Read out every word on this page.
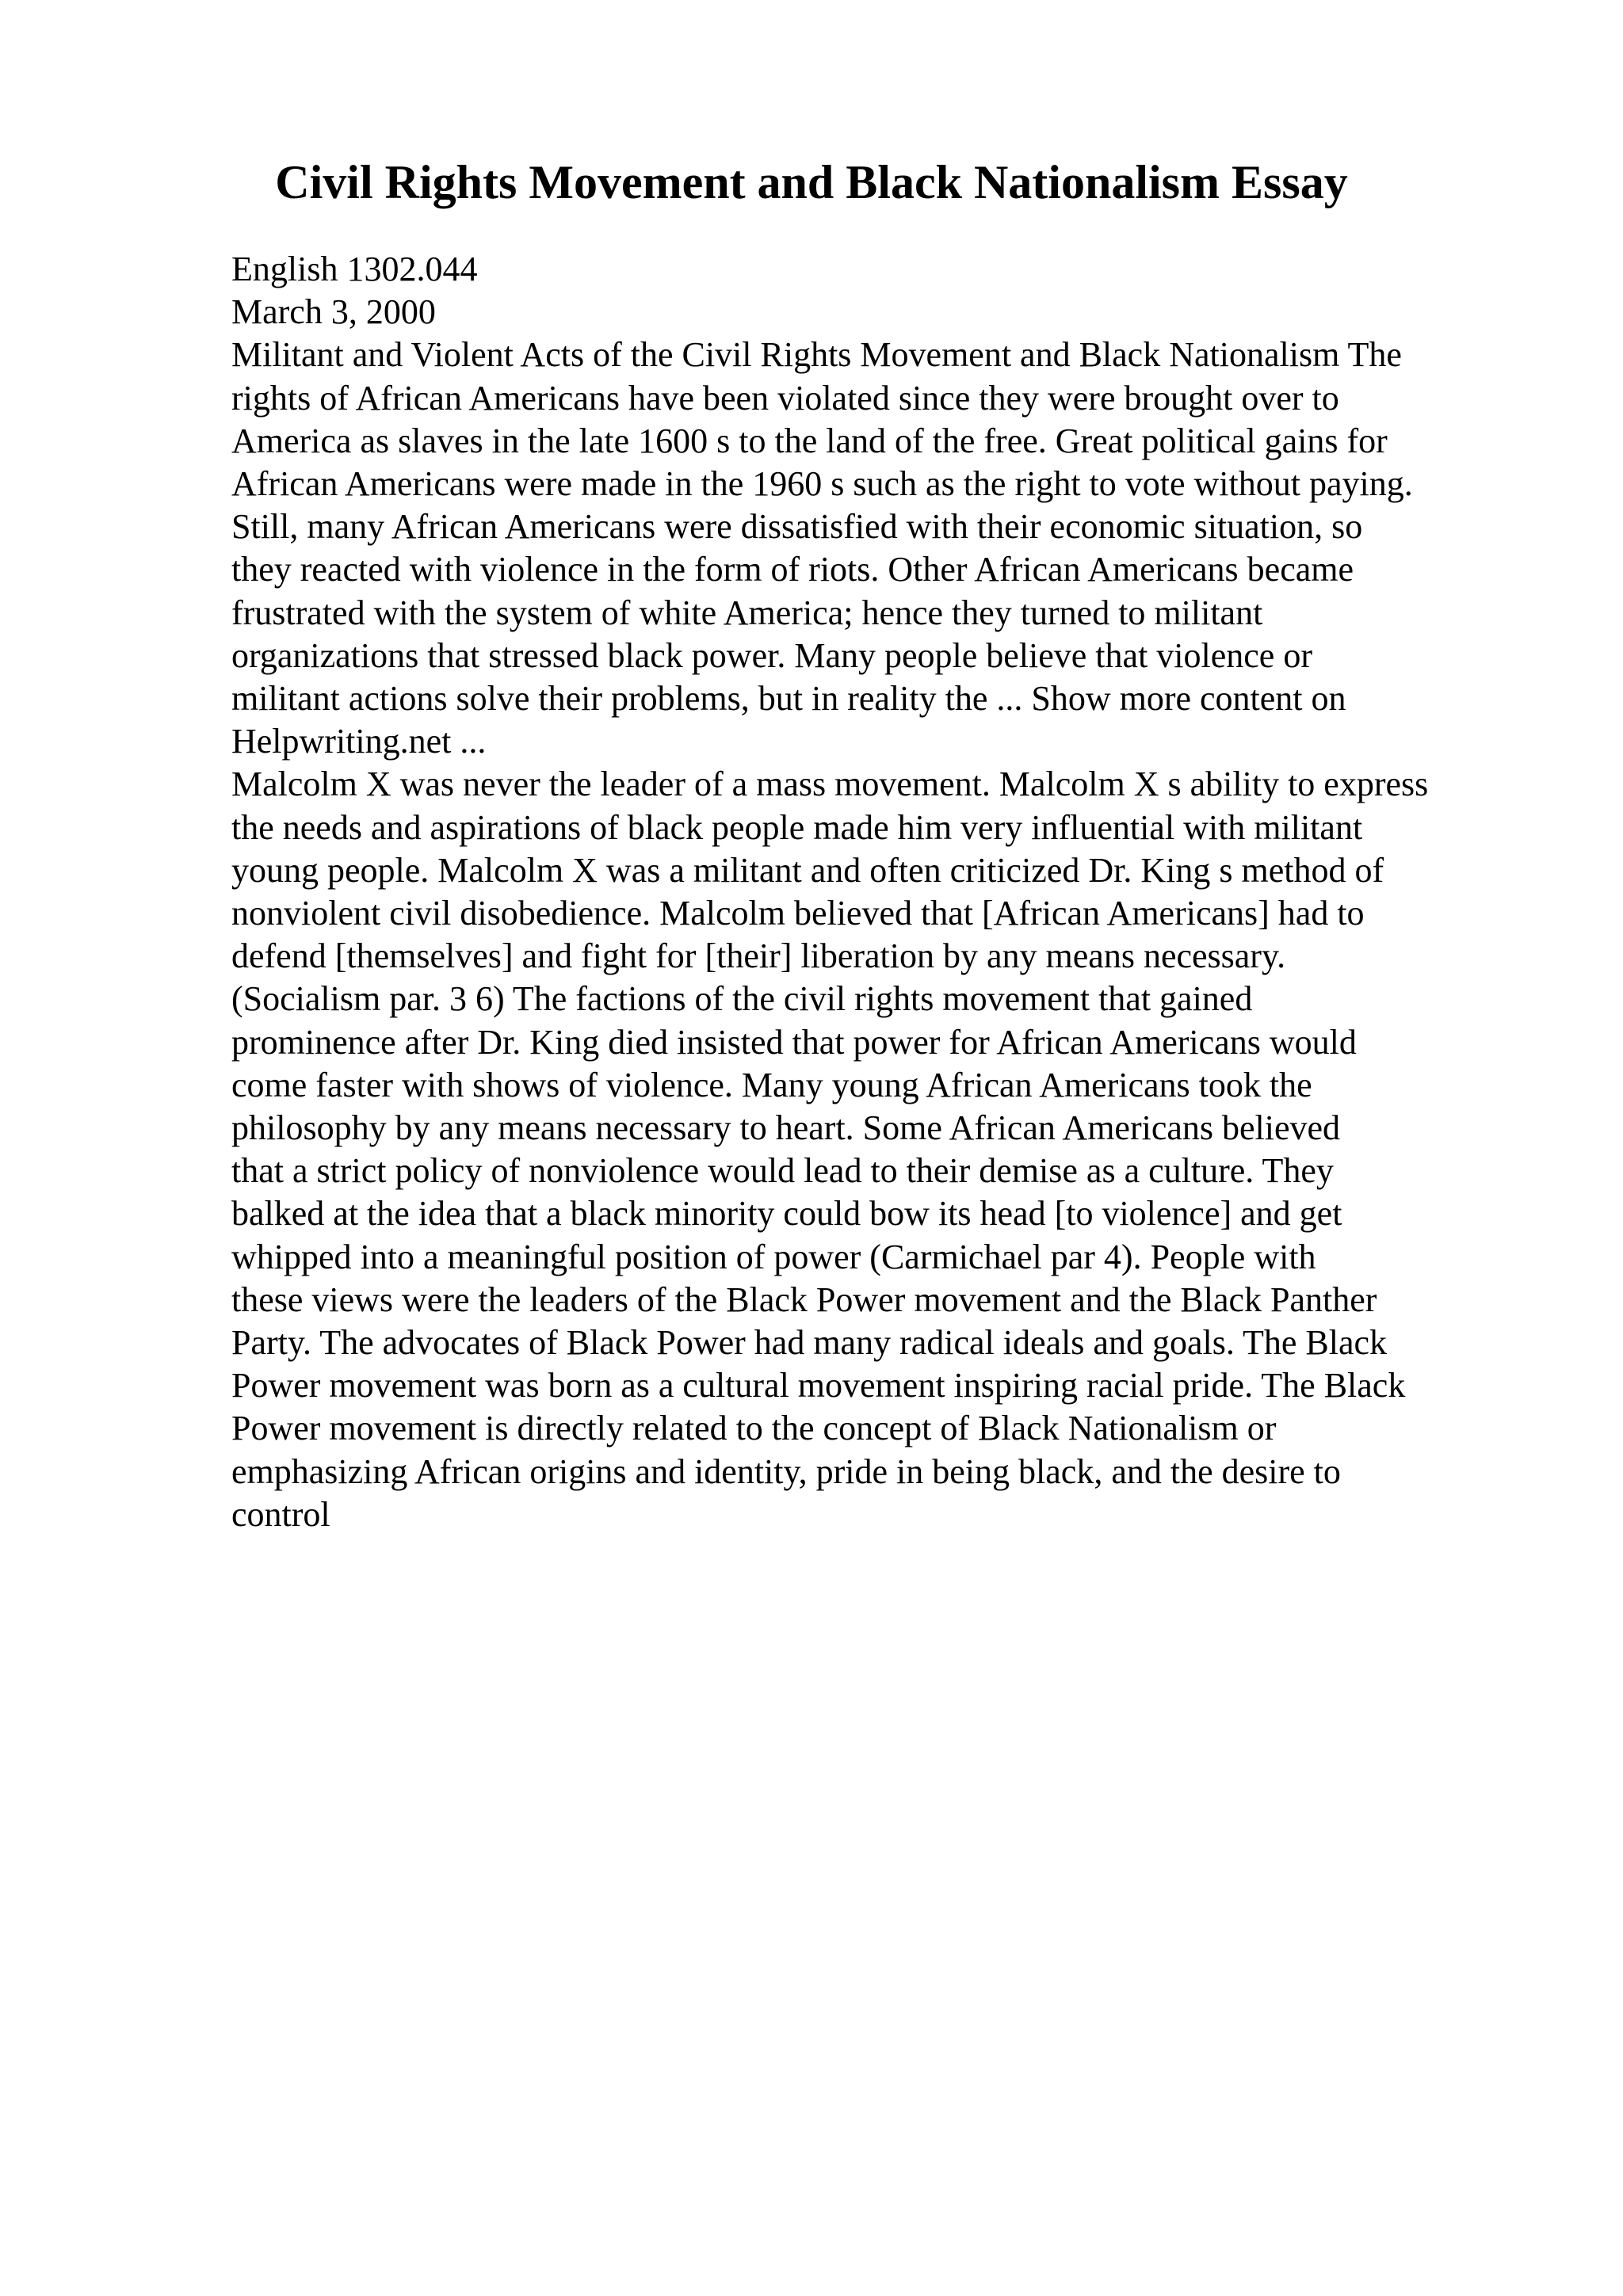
Civil Rights Movement and Black Nationalism Essay
English 1302.044
March 3, 2000
Militant and Violent Acts of the Civil Rights Movement and Black Nationalism The
rights of African Americans have been violated since they were brought over to
America as slaves in the late 1600 s to the land of the free. Great political gains for
African Americans were made in the 1960 s such as the right to vote without paying.
Still, many African Americans were dissatisfied with their economic situation, so
they reacted with violence in the form of riots. Other African Americans became
frustrated with the system of white America; hence they turned to militant
organizations that stressed black power. Many people believe that violence or
militant actions solve their problems, but in reality the ... Show more content on
Helpwriting.net ...
Malcolm X was never the leader of a mass movement. Malcolm X s ability to express
the needs and aspirations of black people made him very influential with militant
young people. Malcolm X was a militant and often criticized Dr. King s method of
nonviolent civil disobedience. Malcolm believed that [African Americans] had to
defend [themselves] and fight for [their] liberation by any means necessary.
(Socialism par. 3 6) The factions of the civil rights movement that gained
prominence after Dr. King died insisted that power for African Americans would
come faster with shows of violence. Many young African Americans took the
philosophy by any means necessary to heart. Some African Americans believed
that a strict policy of nonviolence would lead to their demise as a culture. They
balked at the idea that a black minority could bow its head [to violence] and get
whipped into a meaningful position of power (Carmichael par 4). People with
these views were the leaders of the Black Power movement and the Black Panther
Party. The advocates of Black Power had many radical ideals and goals. The Black
Power movement was born as a cultural movement inspiring racial pride. The Black
Power movement is directly related to the concept of Black Nationalism or
emphasizing African origins and identity, pride in being black, and the desire to
control
